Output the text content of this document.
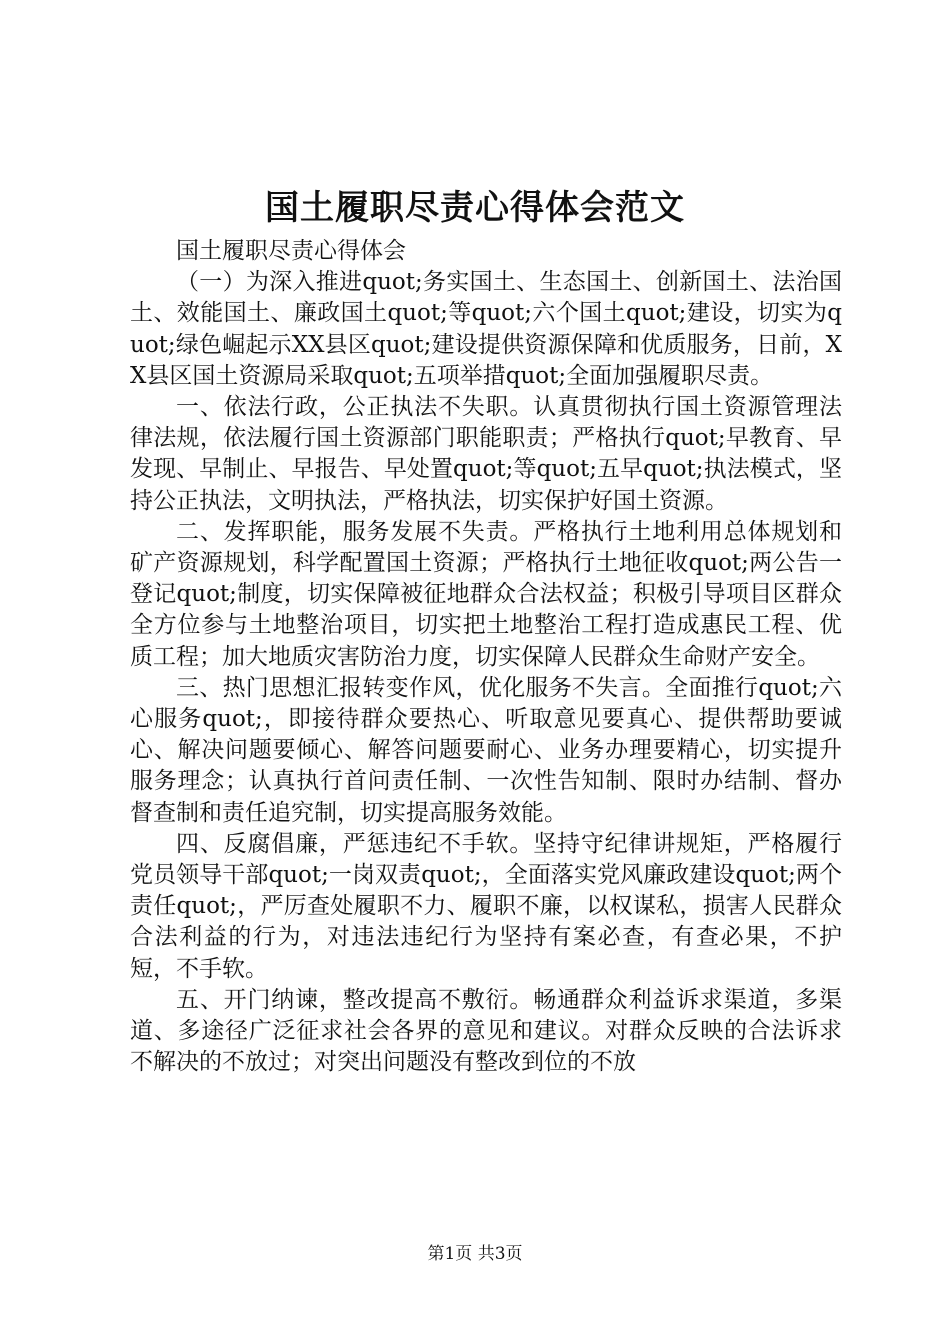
国土履职尽责心得体会范文

国土履职尽责心得体会

（一）为深入推进quot;务实国土、生态国土、创新国土、法治国土、效能国土、廉政国土quot;等quot;六个国土quot;建设，切实为quot;绿色崛起示XX县区quot;建设提供资源保障和优质服务，日前，XX县区国土资源局采取quot;五项举措quot;全面加强履职尽责。

一、依法行政，公正执法不失职。认真贯彻执行国土资源管理法律法规，依法履行国土资源部门职能职责；严格执行quot;早教育、早发现、早制止、早报告、早处置quot;等quot;五早quot;执法模式，坚持公正执法，文明执法，严格执法，切实保护好国土资源。

二、发挥职能，服务发展不失责。严格执行土地利用总体规划和矿产资源规划，科学配置国土资源；严格执行土地征收quot;两公告一登记quot;制度，切实保障被征地群众合法权益；积极引导项目区群众全方位参与土地整治项目，切实把土地整治工程打造成惠民工程、优质工程；加大地质灾害防治力度，切实保障人民群众生命财产安全。

三、热门思想汇报转变作风，优化服务不失言。全面推行quot;六心服务quot;，即接待群众要热心、听取意见要真心、提供帮助要诚心、解决问题要倾心、解答问题要耐心、业务办理要精心，切实提升服务理念；认真执行首问责任制、一次性告知制、限时办结制、督办督查制和责任追究制，切实提高服务效能。

四、反腐倡廉，严惩违纪不手软。坚持守纪律讲规矩，严格履行党员领导干部quot;一岗双责quot;，全面落实党风廉政建设quot;两个责任quot;，严厉查处履职不力、履职不廉，以权谋私，损害人民群众合法利益的行为，对违法违纪行为坚持有案必查，有查必果，不护短，不手软。

五、开门纳谏，整改提高不敷衍。畅通群众利益诉求渠道，多渠道、多途径广泛征求社会各界的意见和建议。对群众反映的合法诉求不解决的不放过；对突出问题没有整改到位的不放

第1页 共3页
